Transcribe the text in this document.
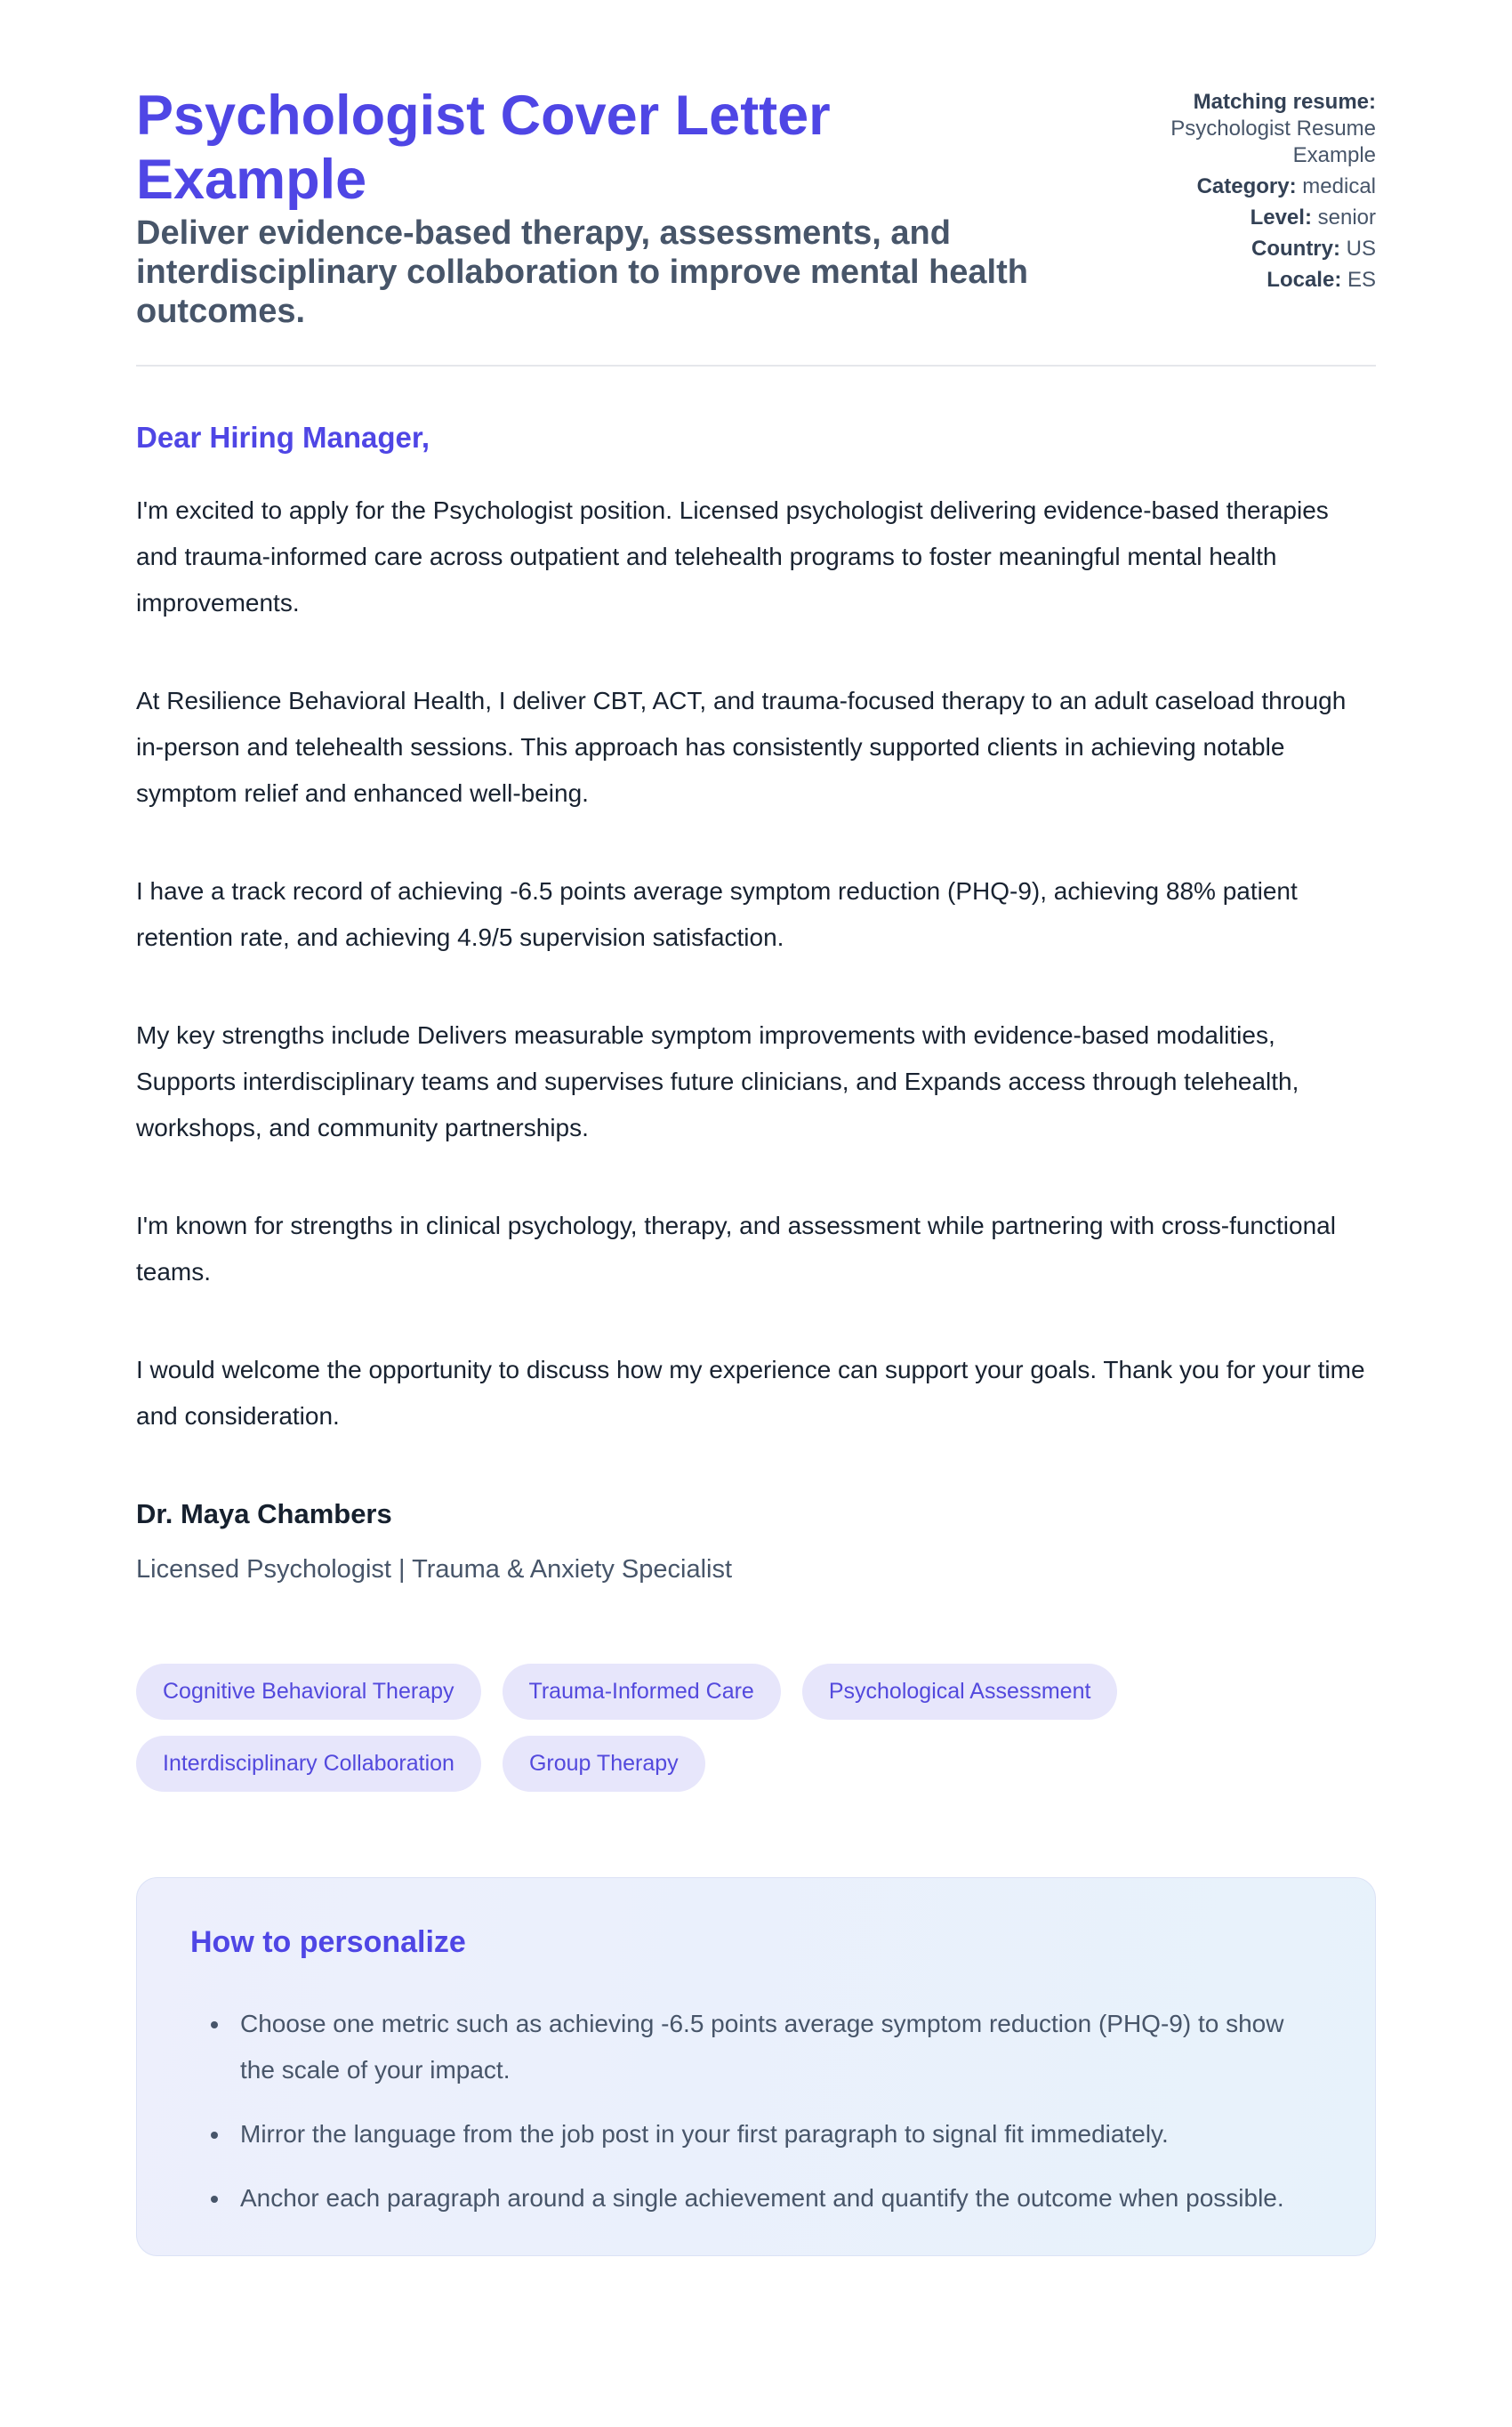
Psychologist Cover Letter Example
Deliver evidence-based therapy, assessments, and interdisciplinary collaboration to improve mental health outcomes.
Matching resume: Psychologist Resume Example
Category: medical
Level: senior
Country: US
Locale: ES
Dear Hiring Manager,

I'm excited to apply for the Psychologist position. Licensed psychologist delivering evidence-based therapies and trauma-informed care across outpatient and telehealth programs to foster meaningful mental health improvements.

At Resilience Behavioral Health, I deliver CBT, ACT, and trauma-focused therapy to an adult caseload through in-person and telehealth sessions. This approach has consistently supported clients in achieving notable symptom relief and enhanced well-being.

I have a track record of achieving -6.5 points average symptom reduction (PHQ-9), achieving 88% patient retention rate, and achieving 4.9/5 supervision satisfaction.

My key strengths include Delivers measurable symptom improvements with evidence-based modalities, Supports interdisciplinary teams and supervises future clinicians, and Expands access through telehealth, workshops, and community partnerships.

I'm known for strengths in clinical psychology, therapy, and assessment while partnering with cross-functional teams.

I would welcome the opportunity to discuss how my experience can support your goals. Thank you for your time and consideration.

Dr. Maya Chambers
Licensed Psychologist | Trauma & Anxiety Specialist
Cognitive Behavioral Therapy	Trauma-Informed Care	Psychological Assessment
Interdisciplinary Collaboration	Group Therapy
How to personalize
• Choose one metric such as achieving -6.5 points average symptom reduction (PHQ-9) to show the scale of your impact.
• Mirror the language from the job post in your first paragraph to signal fit immediately.
• Anchor each paragraph around a single achievement and quantify the outcome when possible.
